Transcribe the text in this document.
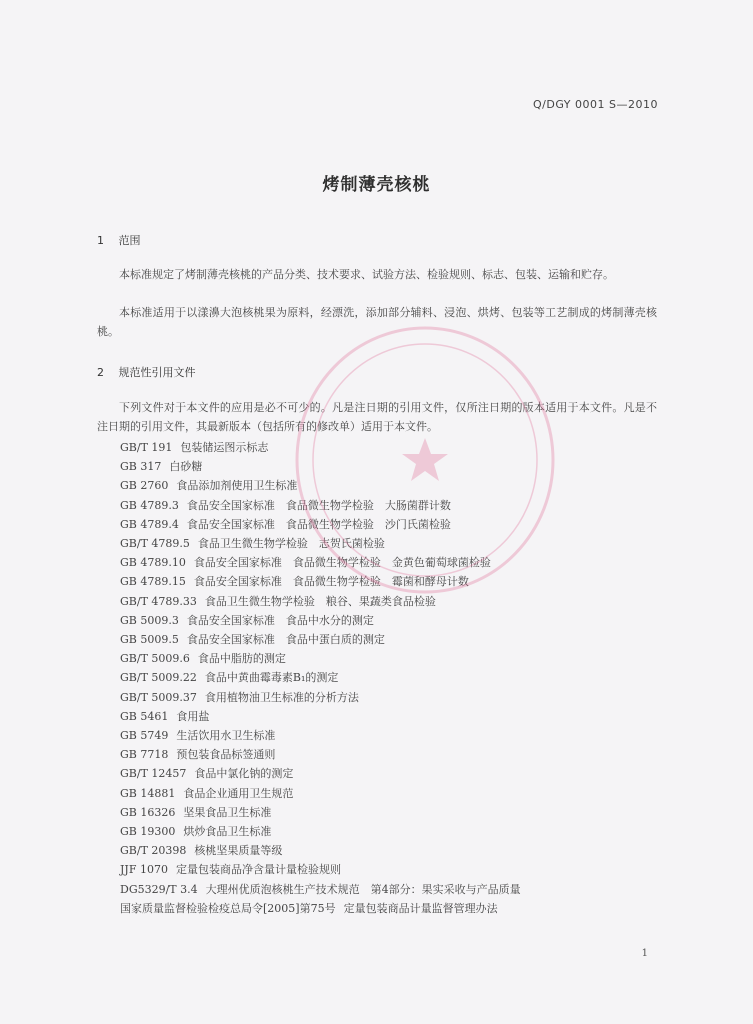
Q/DGY 0001 S—2010
烤制薄壳核桃
1 范围
本标准规定了烤制薄壳核桃的产品分类、技术要求、试验方法、检验规则、标志、包装、运输和贮存。
本标准适用于以漾濞大泡核桃果为原料，经漂洗，添加部分辅料、浸泡、烘烤、包装等工艺制成的烤制薄壳核桃。
2 规范性引用文件
下列文件对于本文件的应用是必不可少的。凡是注日期的引用文件，仅所注日期的版本适用于本文件。凡是不注日期的引用文件，其最新版本（包括所有的修改单）适用于本文件。
GB/T 191 包装储运图示标志
GB 317 白砂糖
GB 2760 食品添加剂使用卫生标准
GB 4789.3 食品安全国家标准　食品微生物学检验　大肠菌群计数
GB 4789.4 食品安全国家标准　食品微生物学检验　沙门氏菌检验
GB/T 4789.5 食品卫生微生物学检验　志贺氏菌检验
GB 4789.10 食品安全国家标准　食品微生物学检验　金黄色葡萄球菌检验
GB 4789.15 食品安全国家标准　食品微生物学检验　霉菌和酵母计数
GB/T 4789.33 食品卫生微生物学检验　粮谷、果蔬类食品检验
GB 5009.3 食品安全国家标准　食品中水分的测定
GB 5009.5 食品安全国家标准　食品中蛋白质的测定
GB/T 5009.6 食品中脂肪的测定
GB/T 5009.22 食品中黄曲霉毒素B₁的测定
GB/T 5009.37 食用植物油卫生标准的分析方法
GB 5461 食用盐
GB 5749 生活饮用水卫生标准
GB 7718 预包装食品标签通则
GB/T 12457 食品中氯化钠的测定
GB 14881 食品企业通用卫生规范
GB 16326 坚果食品卫生标准
GB 19300 烘炒食品卫生标准
GB/T 20398 核桃坚果质量等级
JJF 1070 定量包装商品净含量计量检验规则
DG5329/T 3.4 大理州优质泡核桃生产技术规范　第4部分：果实采收与产品质量
国家质量监督检验检疫总局令[2005]第75号 定量包装商品计量监督管理办法
1
